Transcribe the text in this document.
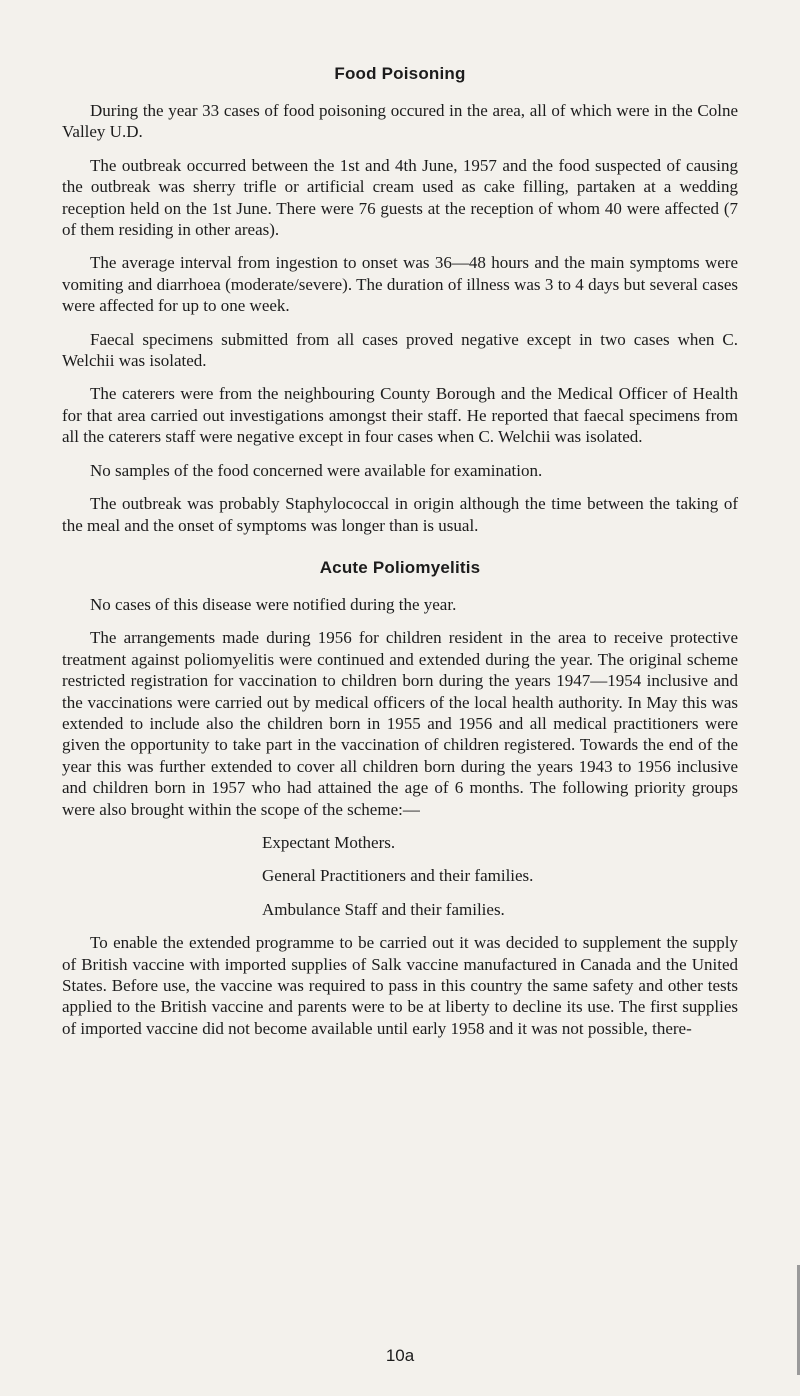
Food Poisoning

During the year 33 cases of food poisoning occured in the area, all of which were in the Colne Valley U.D.

The outbreak occurred between the 1st and 4th June, 1957 and the food suspected of causing the outbreak was sherry trifle or artificial cream used as cake filling, partaken at a wedding reception held on the 1st June. There were 76 guests at the reception of whom 40 were affected (7 of them residing in other areas).

The average interval from ingestion to onset was 36—48 hours and the main symptoms were vomiting and diarrhoea (moderate/severe). The duration of illness was 3 to 4 days but several cases were affected for up to one week.

Faecal specimens submitted from all cases proved negative except in two cases when C. Welchii was isolated.

The caterers were from the neighbouring County Borough and the Medical Officer of Health for that area carried out investigations amongst their staff. He reported that faecal specimens from all the caterers staff were negative except in four cases when C. Welchii was isolated.

No samples of the food concerned were available for examination.

The outbreak was probably Staphylococcal in origin although the time between the taking of the meal and the onset of symptoms was longer than is usual.

Acute Poliomyelitis

No cases of this disease were notified during the year.

The arrangements made during 1956 for children resident in the area to receive protective treatment against poliomyelitis were continued and extended during the year. The original scheme restricted registration for vaccination to children born during the years 1947—1954 inclusive and the vaccinations were carried out by medical officers of the local health authority. In May this was extended to include also the children born in 1955 and 1956 and all medical practitioners were given the opportunity to take part in the vaccination of children registered. Towards the end of the year this was further extended to cover all children born during the years 1943 to 1956 inclusive and children born in 1957 who had attained the age of 6 months. The following priority groups were also brought within the scope of the scheme:—

Expectant Mothers.
General Practitioners and their families.
Ambulance Staff and their families.

To enable the extended programme to be carried out it was decided to supplement the supply of British vaccine with imported supplies of Salk vaccine manufactured in Canada and the United States. Before use, the vaccine was required to pass in this country the same safety and other tests applied to the British vaccine and parents were to be at liberty to decline its use. The first supplies of imported vaccine did not become available until early 1958 and it was not possible, there-

10a
